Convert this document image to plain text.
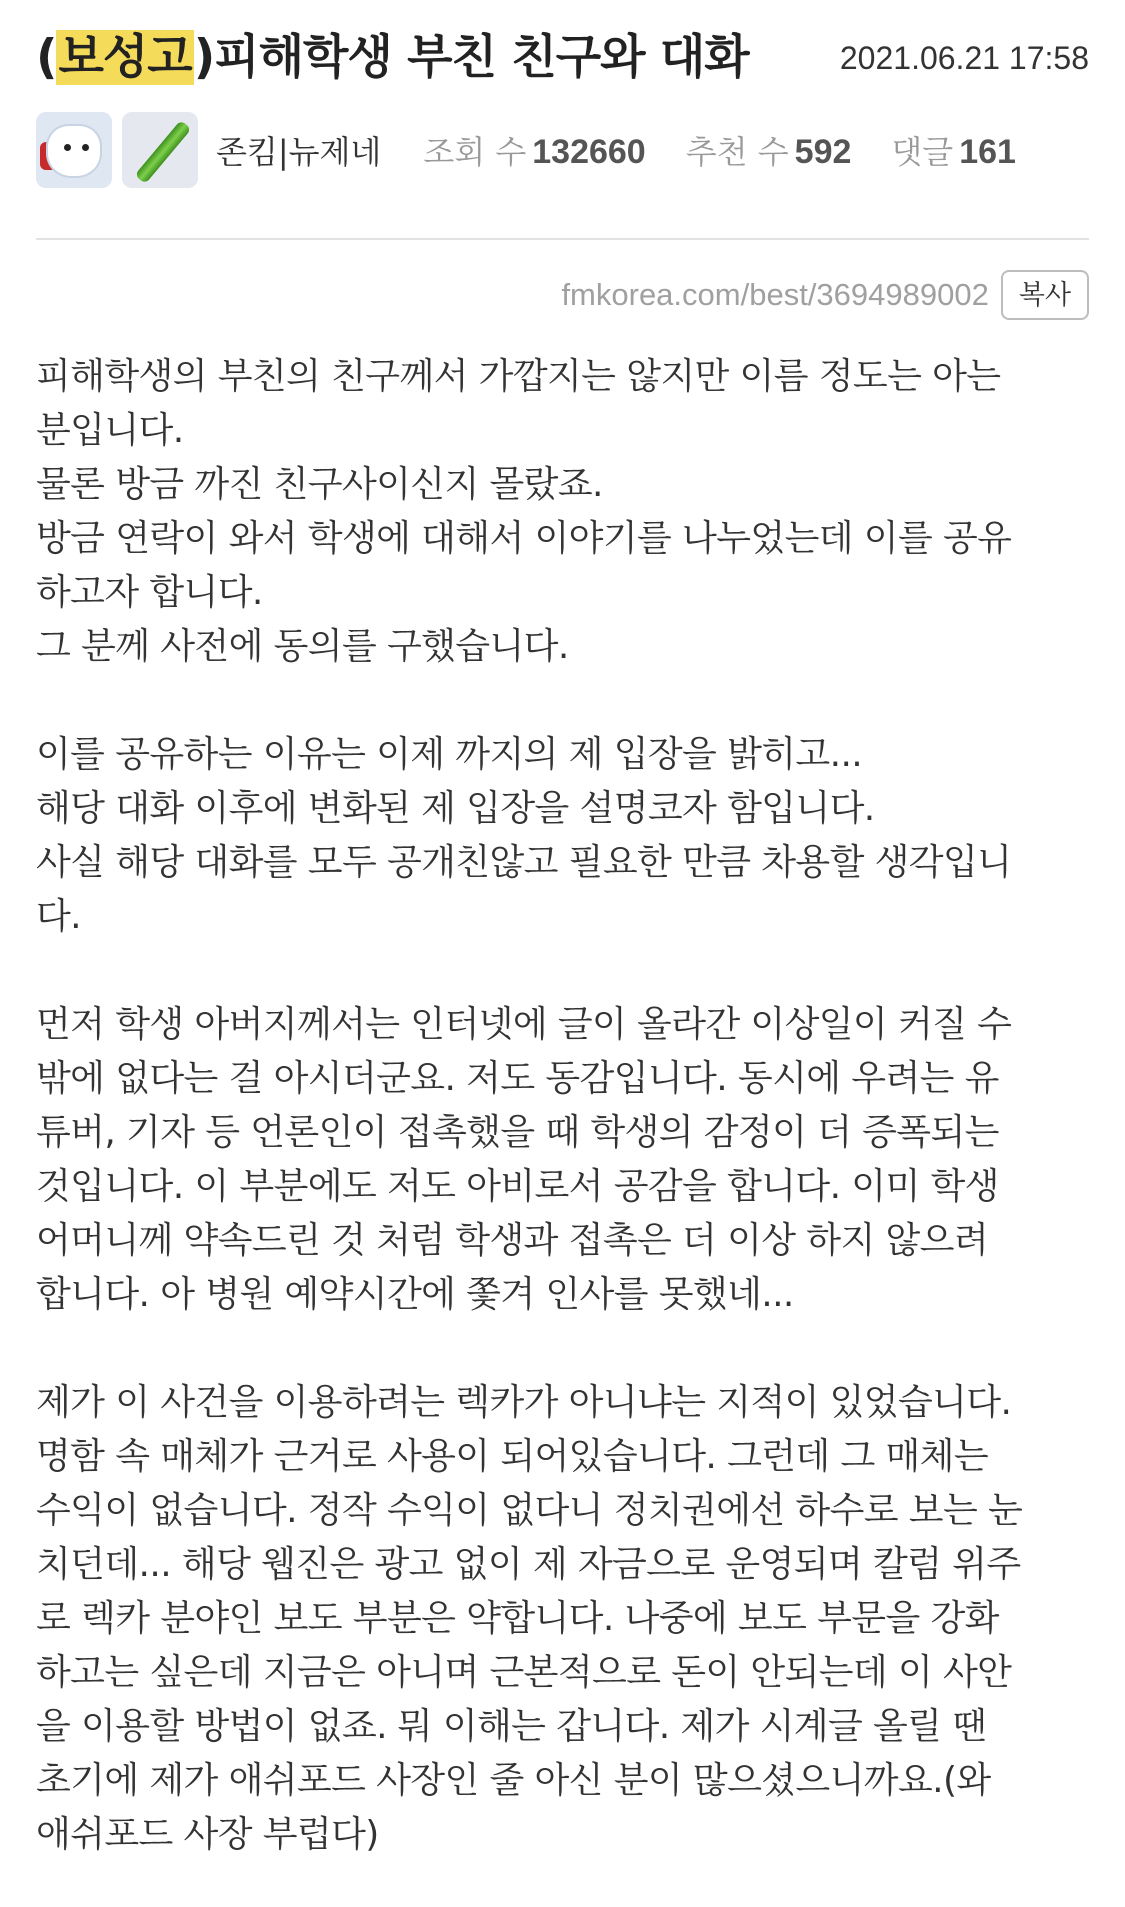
(보성고)피해학생 부친 친구와 대화	2021.06.21 17:58
존킴|뉴제네 조회 수 132660 추천 수 592 댓글 161
fmkorea.com/best/3694989002	복사
피해학생의 부친의 친구께서 가깝지는 않지만 이름 정도는 아는
분입니다.
물론 방금 까진 친구사이신지 몰랐죠.
방금 연락이 와서 학생에 대해서 이야기를 나누었는데 이를 공유
하고자 합니다.
그 분께 사전에 동의를 구했습니다.
이를 공유하는 이유는 이제 까지의 제 입장을 밝히고...
해당 대화 이후에 변화된 제 입장을 설명코자 함입니다.
사실 해당 대화를 모두 공개친않고 필요한 만큼 차용할 생각입니
다.
먼저 학생 아버지께서는 인터넷에 글이 올라간 이상일이 커질 수
밖에 없다는 걸 아시더군요. 저도 동감입니다. 동시에 우려는 유
튜버, 기자 등 언론인이 접촉했을 때 학생의 감정이 더 증폭되는
것입니다. 이 부분에도 저도 아비로서 공감을 합니다. 이미 학생
어머니께 약속드린 것 처럼 학생과 접촉은 더 이상 하지 않으려
합니다. 아 병원 예약시간에 쫓겨 인사를 못했네...
제가 이 사건을 이용하려는 렉카가 아니냐는 지적이 있었습니다.
명함 속 매체가 근거로 사용이 되어있습니다. 그런데 그 매체는
수익이 없습니다. 정작 수익이 없다니 정치권에선 하수로 보는 눈
치던데... 해당 웹진은 광고 없이 제 자금으로 운영되며 칼럼 위주
로 렉카 분야인 보도 부분은 약합니다. 나중에 보도 부문을 강화
하고는 싶은데 지금은 아니며 근본적으로 돈이 안되는데 이 사안
을 이용할 방법이 없죠. 뭐 이해는 갑니다. 제가 시계글 올릴 땐
초기에 제가 애쉬포드 사장인 줄 아신 분이 많으셨으니까요.(와
애쉬포드 사장 부럽다)
